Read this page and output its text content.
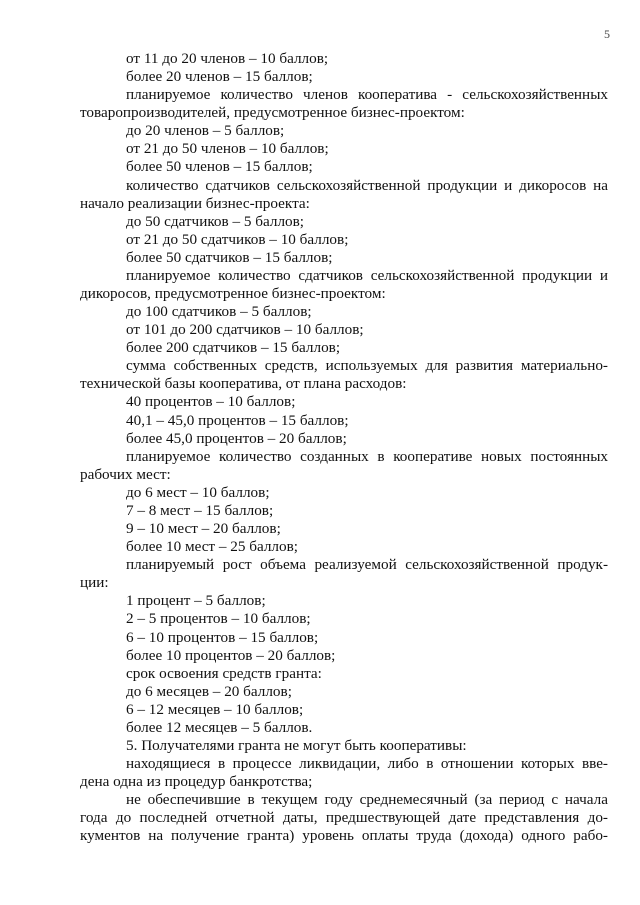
5
от 11 до 20 членов – 10 баллов;
более 20 членов – 15 баллов;
планируемое количество членов кооператива - сельскохозяйственных
товаропроизводителей, предусмотренное бизнес-проектом:
до 20 членов – 5 баллов;
от 21 до 50 членов – 10 баллов;
более 50 членов – 15 баллов;
количество сдатчиков сельскохозяйственной продукции и дикоросов на
начало реализации бизнес-проекта:
до 50 сдатчиков – 5 баллов;
от 21 до 50 сдатчиков – 10 баллов;
более 50 сдатчиков – 15 баллов;
планируемое количество сдатчиков сельскохозяйственной продукции и
дикоросов, предусмотренное бизнес-проектом:
до 100 сдатчиков – 5 баллов;
от 101 до 200 сдатчиков – 10 баллов;
более 200 сдатчиков – 15 баллов;
сумма собственных средств, используемых для развития материально-
технической базы кооператива, от плана расходов:
40 процентов – 10 баллов;
40,1 – 45,0 процентов – 15 баллов;
более 45,0 процентов – 20 баллов;
планируемое количество созданных в кооперативе новых постоянных
рабочих мест:
до 6 мест – 10 баллов;
7 – 8 мест – 15 баллов;
9 – 10 мест – 20 баллов;
более 10 мест – 25 баллов;
планируемый рост объема реализуемой сельскохозяйственной продук-
ции:
1 процент – 5 баллов;
2 – 5 процентов – 10 баллов;
6 – 10 процентов – 15 баллов;
более 10 процентов – 20 баллов;
срок освоения средств гранта:
до 6 месяцев – 20 баллов;
6 – 12 месяцев – 10 баллов;
более 12 месяцев – 5 баллов.
5. Получателями гранта не могут быть кооперативы:
находящиеся в процессе ликвидации, либо в отношении которых вве-
дена одна из процедур банкротства;
не обеспечившие в текущем году среднемесячный (за период с начала
года до последней отчетной даты, предшествующей дате представления до-
кументов на получение гранта) уровень оплаты труда (дохода) одного рабо-
